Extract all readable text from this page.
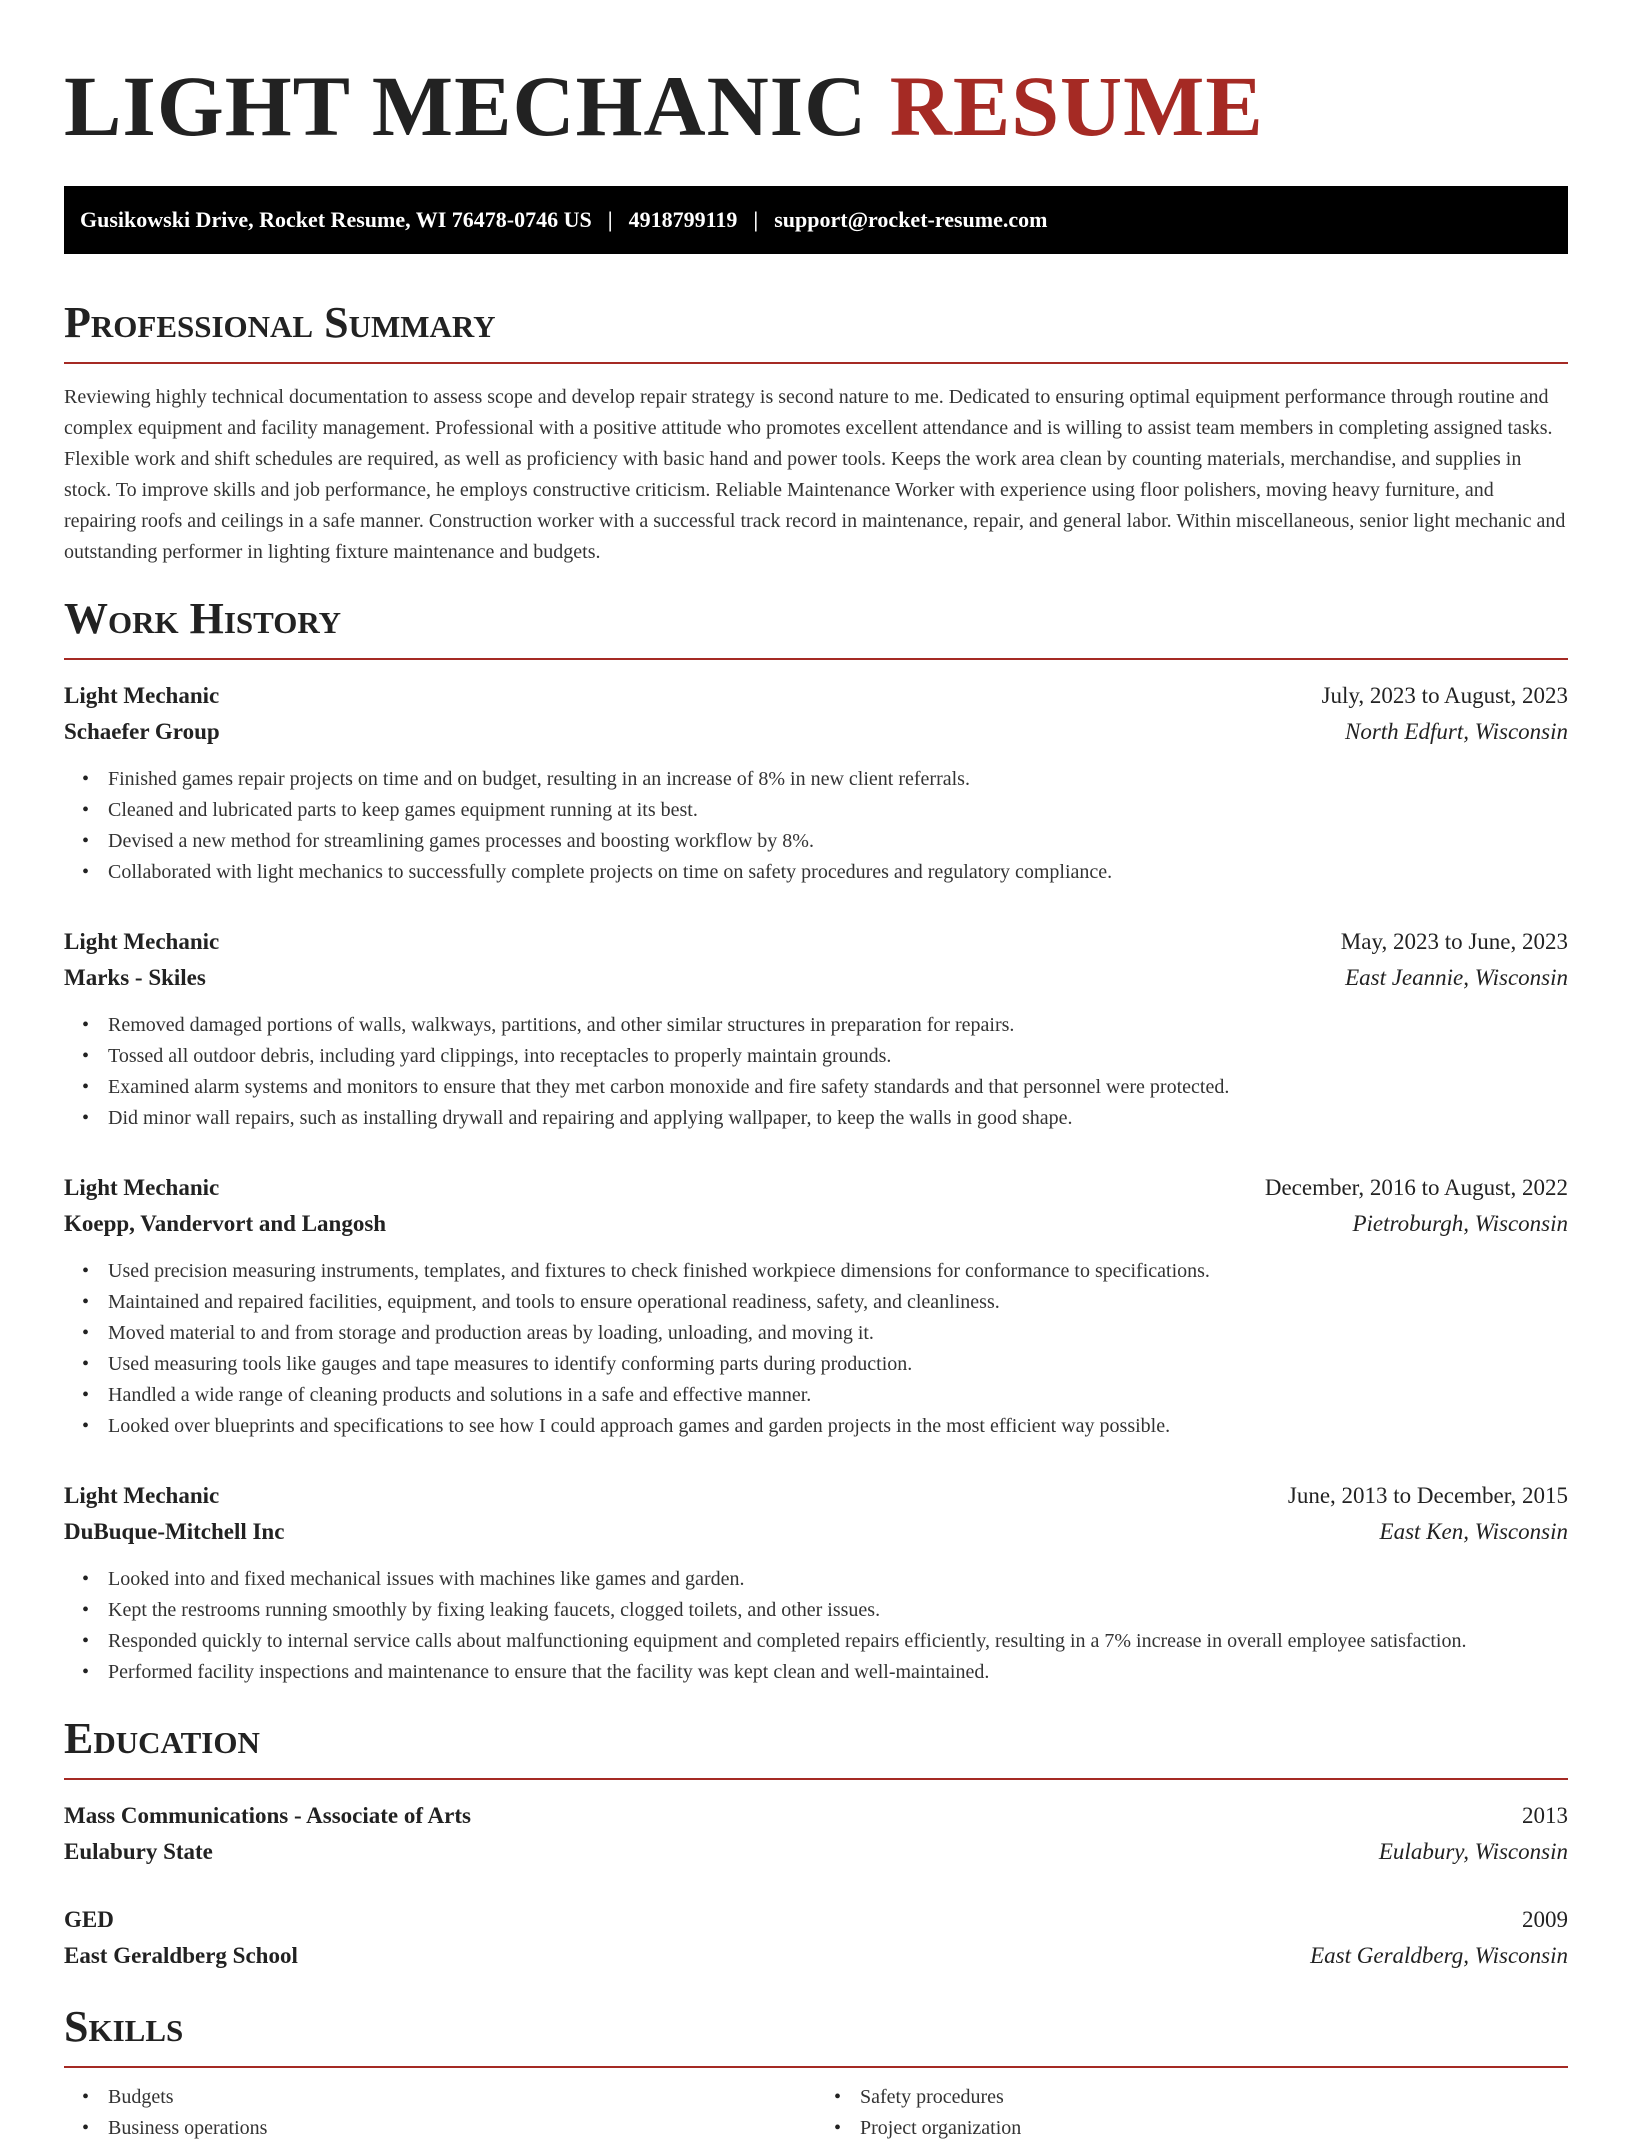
LIGHT MECHANIC RESUME
Gusikowski Drive, Rocket Resume, WI 76478-0746 US | 4918799119 | support@rocket-resume.com
Professional Summary

Reviewing highly technical documentation to assess scope and develop repair strategy is second nature to me. Dedicated to ensuring optimal equipment performance through routine and complex equipment and facility management. Professional with a positive attitude who promotes excellent attendance and is willing to assist team members in completing assigned tasks. Flexible work and shift schedules are required, as well as proficiency with basic hand and power tools. Keeps the work area clean by counting materials, merchandise, and supplies in stock. To improve skills and job performance, he employs constructive criticism. Reliable Maintenance Worker with experience using floor polishers, moving heavy furniture, and repairing roofs and ceilings in a safe manner. Construction worker with a successful track record in maintenance, repair, and general labor. Within miscellaneous, senior light mechanic and outstanding performer in lighting fixture maintenance and budgets.

Work History
Light Mechanic	July, 2023 to August, 2023
Schaefer Group	North Edfurt, Wisconsin
• Finished games repair projects on time and on budget, resulting in an increase of 8% in new client referrals.
• Cleaned and lubricated parts to keep games equipment running at its best.
• Devised a new method for streamlining games processes and boosting workflow by 8%.
• Collaborated with light mechanics to successfully complete projects on time on safety procedures and regulatory compliance.
Light Mechanic	May, 2023 to June, 2023
Marks - Skiles	East Jeannie, Wisconsin
• Removed damaged portions of walls, walkways, partitions, and other similar structures in preparation for repairs.
• Tossed all outdoor debris, including yard clippings, into receptacles to properly maintain grounds.
• Examined alarm systems and monitors to ensure that they met carbon monoxide and fire safety standards and that personnel were protected.
• Did minor wall repairs, such as installing drywall and repairing and applying wallpaper, to keep the walls in good shape.
Light Mechanic	December, 2016 to August, 2022
Koepp, Vandervort and Langosh	Pietroburgh, Wisconsin
• Used precision measuring instruments, templates, and fixtures to check finished workpiece dimensions for conformance to specifications.
• Maintained and repaired facilities, equipment, and tools to ensure operational readiness, safety, and cleanliness.
• Moved material to and from storage and production areas by loading, unloading, and moving it.
• Used measuring tools like gauges and tape measures to identify conforming parts during production.
• Handled a wide range of cleaning products and solutions in a safe and effective manner.
• Looked over blueprints and specifications to see how I could approach games and garden projects in the most efficient way possible.
Light Mechanic	June, 2013 to December, 2015
DuBuque-Mitchell Inc	East Ken, Wisconsin
• Looked into and fixed mechanical issues with machines like games and garden.
• Kept the restrooms running smoothly by fixing leaking faucets, clogged toilets, and other issues.
• Responded quickly to internal service calls about malfunctioning equipment and completed repairs efficiently, resulting in a 7% increase in overall employee satisfaction.
• Performed facility inspections and maintenance to ensure that the facility was kept clean and well-maintained.
Education
Mass Communications - Associate of Arts	2013
Eulabury State	Eulabury, Wisconsin
GED	2009
East Geraldberg School	East Geraldberg, Wisconsin
Skills
• Budgets
• Business operations
• Safety procedures
• Project organization
